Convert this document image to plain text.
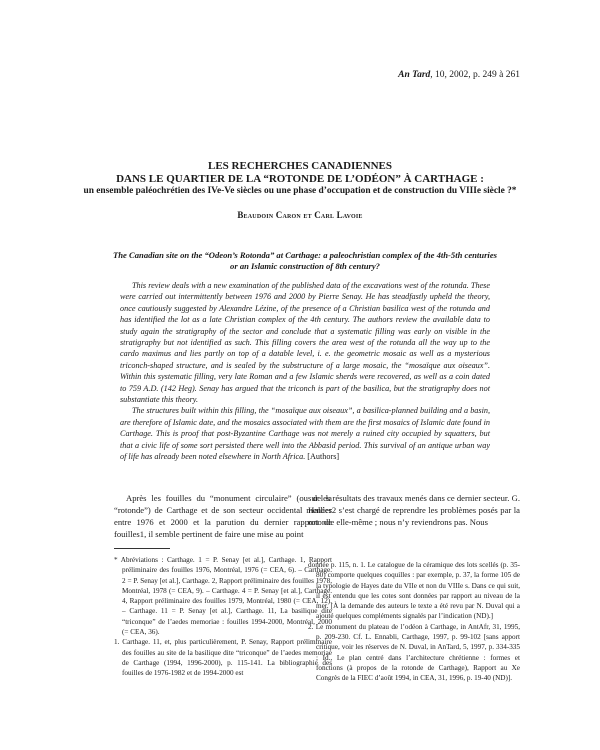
An Tard, 10, 2002, p. 249 à 261
LES RECHERCHES CANADIENNES
DANS LE QUARTIER DE LA “ROTONDE DE L’ODÉON” À CARTHAGE :
un ensemble paléochrétien des IVe-Ve siècles ou une phase d’occupation et de construction du VIIIe siècle ?*
Beaudoin Caron et Carl Lavoie
The Canadian site on the “Odeon’s Rotonda” at Carthage: a paleochristian complex of the 4th-5th centuries or an Islamic construction of 8th century?

This review deals with a new examination of the published data of the excavations west of the rotunda. These were carried out intermittently between 1976 and 2000 by Pierre Senay. He has steadfastly upheld the theory, once cautiously suggested by Alexandre Lézine, of the presence of a Christian basilica west of the rotunda and has identified the lot as a late Christian complex of the 4th century. The authors review the available data to study again the stratigraphy of the sector and conclude that a systematic filling was early on visible in the stratigraphy but not identified as such. This filling covers the area west of the rotunda all the way up to the cardo maximus and lies partly on top of a datable level, i. e. the geometric mosaic as well as a mysterious triconch-shaped structure, and is sealed by the substructure of a large mosaic, the “mosaïque aux oiseaux”. Within this systematic filling, very late Roman and a few Islamic sherds were recovered, as well as a coin dated to 759 A.D. (142 Heg). Senay has argued that the triconch is part of the basilica, but the stratigraphy does not substantiate this theory.

The structures built within this filling, the “mosaïque aux oiseaux”, a basilica-planned building and a basin, are therefore of Islamic date, and the mosaics associated with them are the first mosaics of Islamic date found in Carthage. This is proof that post-Byzantine Carthage was not merely a ruined city occupied by squatters, but that a civic life of some sort persisted there well into the Abbasid period. This survival of an antique urban way of life has already been noted elsewhere in North Africa. [Authors]

Après les fouilles du “monument circulaire” (ou de la “rotonde”) de Carthage et de son secteur occidental menées entre 1976 et 2000 et la parution du dernier rapport de fouilles1, il semble pertinent de faire une mise au point

sur les résultats des travaux menés dans ce dernier secteur. G. Hallier2 s’est chargé de reprendre les problèmes posés par la rotonde elle-même ; nous n’y reviendrons pas. Nous

* Abréviations : Carthage. 1 = P. Senay [et al.], Carthage. 1, Rapport préliminaire des fouilles 1976, Montréal, 1976 (= CEA, 6). – Carthage. 2 = P. Senay [et al.], Carthage. 2, Rapport préliminaire des fouilles 1978, Montréal, 1978 (= CEA, 9). – Carthage. 4 = P. Senay [et al.], Carthage. 4, Rapport préliminaire des fouilles 1979, Montréal, 1980 (= CEA, 12). – Carthage. 11 = P. Senay [et al.], Carthage. 11, La basilique dite “triconque” de l’aedes memoriae : fouilles 1994-2000, Montréal, 2000 (= CEA, 36).

1. Carthage. 11, et, plus particulièrement, P. Senay, Rapport préliminaire des fouilles au site de la basilique dite “triconque” de l’aedes memoriae de Carthage (1994, 1996-2000), p. 115-141. La bibliographie des fouilles de 1976-1982 et de 1994-2000 est

donnée p. 115, n. 1. Le catalogue de la céramique des lots scellés (p. 35-80) comporte quelques coquilles : par exemple, p. 37, la forme 105 de la typologie de Hayes date du VIIe et non du VIIIe s. Dans ce qui suit, il est entendu que les cotes sont données par rapport au niveau de la mer. [À la demande des auteurs le texte a été revu par N. Duval qui a ajouté quelques compléments signalés par l’indication (ND).]

2. Le monument du plateau de l’odéon à Carthage, in AntAfr, 31, 1995, p. 209-230. Cf. L. Ennabli, Carthage, 1997, p. 99-102 [sans apport critique, voir les réserves de N. Duval, in AnTard, 5, 1997, p. 334-335 ; Id., Le plan centré dans l’architecture chrétienne : formes et fonctions (à propos de la rotonde de Carthage), Rapport au Xe Congrès de la FIEC d’août 1994, in CEA, 31, 1996, p. 19-40 (ND)].
